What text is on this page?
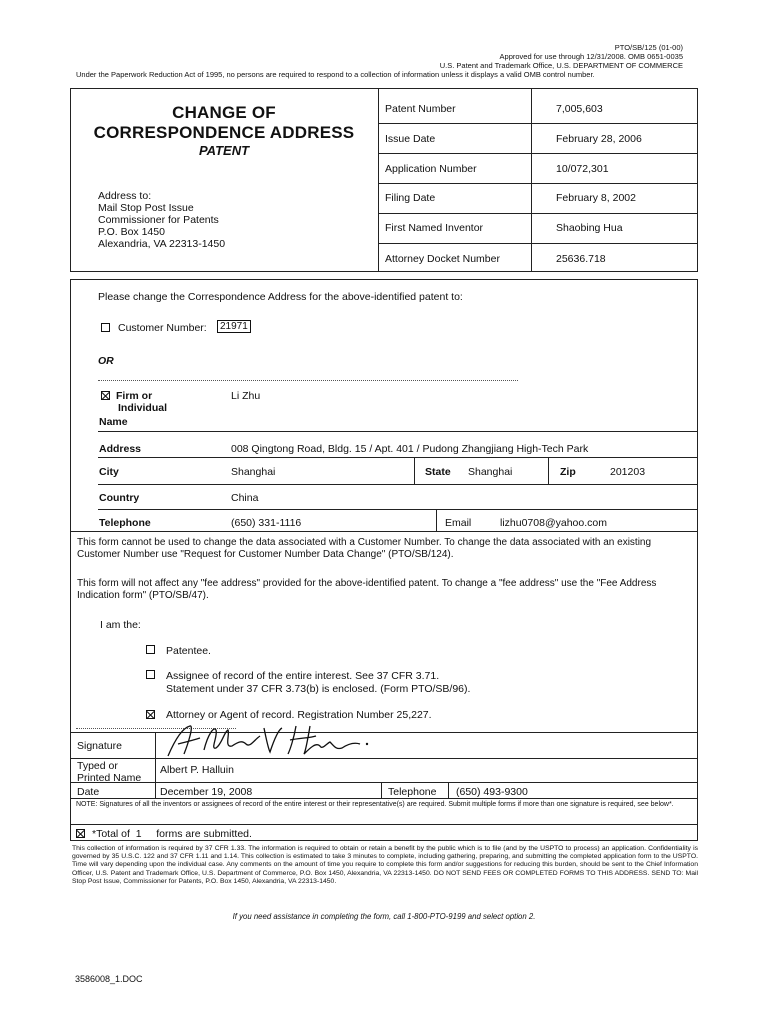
PTO/SB/125 (01-00)
Approved for use through 12/31/2008. OMB 0651-0035
U.S. Patent and Trademark Office, U.S. DEPARTMENT OF COMMERCE
Under the Paperwork Reduction Act of 1995, no persons are required to respond to a collection of information unless it displays a valid OMB control number.
CHANGE OF
CORRESPONDENCE ADDRESS
PATENT
Address to:
Mail Stop Post Issue
Commissioner for Patents
P.O. Box 1450
Alexandria, VA 22313-1450
Patent Number	7,005,603
Issue Date	February 28, 2006
Application Number	10/072,301
Filing Date	February 8, 2002
First Named Inventor	Shaobing Hua
Attorney Docket Number	25636.718
Please change the Correspondence Address for the above-identified patent to:
Customer Number:	21971
OR
Firm or
Individual
Name
Li Zhu
Address	008 Qingtong Road, Bldg. 15 / Apt. 401 / Pudong Zhangjiang High-Tech Park
City	Shanghai	State Shanghai	Zip	201203
Country	China
Telephone	(650) 331-1116	Email	lizhu0708@yahoo.com
This form cannot be used to change the data associated with a Customer Number. To change the data associated with an existing Customer Number use "Request for Customer Number Data Change" (PTO/SB/124).
This form will not affect any "fee address" provided for the above-identified patent. To change a "fee address" use the "Fee Address Indication form" (PTO/SB/47).
I am the:
Patentee.
Assignee of record of the entire interest. See 37 CFR 3.71.
Statement under 37 CFR 3.73(b) is enclosed. (Form PTO/SB/96).
Attorney or Agent of record. Registration Number 25,227.
Signature
Typed or
Printed Name
Albert P. Halluin
Date	December 19, 2008	Telephone (650) 493-9300
NOTE: Signatures of all the inventors or assignees of record of the entire interest or their representative(s) are required. Submit multiple forms if more than one signature is required, see below*.
*Total of 1 forms are submitted.
This collection of information is required by 37 CFR 1.33. The information is required to obtain or retain a benefit by the public which is to file (and by the USPTO to process) an application. Confidentiality is governed by 35 U.S.C. 122 and 37 CFR 1.11 and 1.14. This collection is estimated to take 3 minutes to complete, including gathering, preparing, and submitting the completed application form to the USPTO. Time will vary depending upon the individual case. Any comments on the amount of time you require to complete this form and/or suggestions for reducing this burden, should be sent to the Chief Information Officer, U.S. Patent and Trademark Office, U.S. Department of Commerce, P.O. Box 1450, Alexandria, VA 22313-1450. DO NOT SEND FEES OR COMPLETED FORMS TO THIS ADDRESS. SEND TO: Mail Stop Post Issue, Commissioner for Patents, P.O. Box 1450, Alexandria, VA 22313-1450.
If you need assistance in completing the form, call 1-800-PTO-9199 and select option 2.
3586008_1.DOC
